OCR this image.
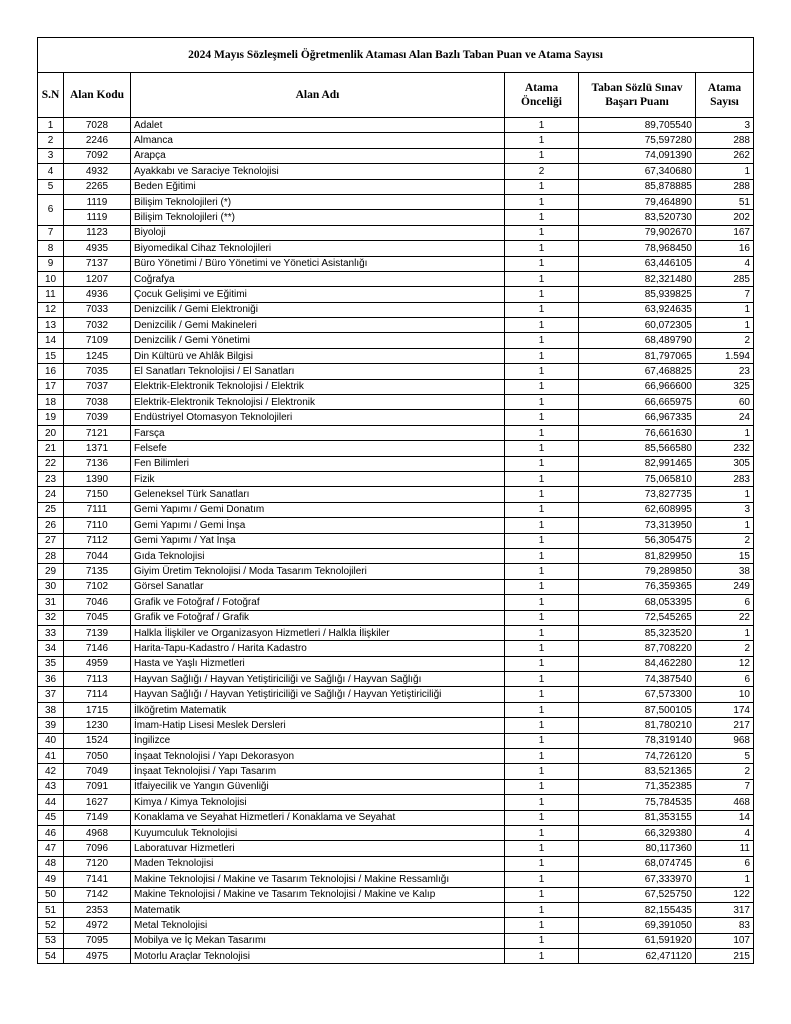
2024 Mayıs Sözleşmeli Öğretmenlik Ataması Alan Bazlı Taban Puan ve Atama Sayısı					
S.N	Alan Kodu	Alan Adı	Atama Önceliği	Taban Sözlü Sınav Başarı Puanı	Atama Sayısı
1	7028	Adalet	1	89,705540	3
2	2246	Almanca	1	75,597280	288
3	7092	Arapça	1	74,091390	262
4	4932	Ayakkabı ve Saraciye Teknolojisi	2	67,340680	1
5	2265	Beden Eğitimi	1	85,878885	288
6	1119	Bilişim Teknolojileri (*)	1	79,464890	51
	1119	Bilişim Teknolojileri (**)	1	83,520730	202
7	1123	Biyoloji	1	79,902670	167
8	4935	Biyomedikal Cihaz Teknolojileri	1	78,968450	16
9	7137	Büro Yönetimi / Büro Yönetimi ve Yönetici Asistanlığı	1	63,446105	4
10	1207	Coğrafya	1	82,321480	285
11	4936	Çocuk Gelişimi ve Eğitimi	1	85,939825	7
12	7033	Denizcilik / Gemi Elektroniği	1	63,924635	1
13	7032	Denizcilik / Gemi Makineleri	1	60,072305	1
14	7109	Denizcilik / Gemi Yönetimi	1	68,489790	2
15	1245	Din Kültürü ve Ahlâk Bilgisi	1	81,797065	1.594
16	7035	El Sanatları Teknolojisi / El Sanatları	1	67,468825	23
17	7037	Elektrik-Elektronik Teknolojisi / Elektrik	1	66,966600	325
18	7038	Elektrik-Elektronik Teknolojisi / Elektronik	1	66,665975	60
19	7039	Endüstriyel Otomasyon Teknolojileri	1	66,967335	24
20	7121	Farsça	1	76,661630	1
21	1371	Felsefe	1	85,566580	232
22	7136	Fen Bilimleri	1	82,991465	305
23	1390	Fizik	1	75,065810	283
24	7150	Geleneksel Türk Sanatları	1	73,827735	1
25	7111	Gemi Yapımı / Gemi Donatım	1	62,608995	3
26	7110	Gemi Yapımı / Gemi İnşa	1	73,313950	1
27	7112	Gemi Yapımı / Yat İnşa	1	56,305475	2
28	7044	Gıda Teknolojisi	1	81,829950	15
29	7135	Giyim Üretim Teknolojisi / Moda Tasarım Teknolojileri	1	79,289850	38
30	7102	Görsel Sanatlar	1	76,359365	249
31	7046	Grafik ve Fotoğraf / Fotoğraf	1	68,053395	6
32	7045	Grafik ve Fotoğraf / Grafik	1	72,545265	22
33	7139	Halkla İlişkiler ve Organizasyon Hizmetleri / Halkla İlişkiler	1	85,323520	1
34	7146	Harita-Tapu-Kadastro / Harita Kadastro	1	87,708220	2
35	4959	Hasta ve Yaşlı Hizmetleri	1	84,462280	12
36	7113	Hayvan Sağlığı / Hayvan Yetiştiriciliği ve Sağlığı / Hayvan Sağlığı	1	74,387540	6
37	7114	Hayvan Sağlığı / Hayvan Yetiştiriciliği ve Sağlığı / Hayvan Yetiştiriciliği	1	67,573300	10
38	1715	İlköğretim Matematik	1	87,500105	174
39	1230	İmam-Hatip Lisesi Meslek Dersleri	1	81,780210	217
40	1524	İngilizce	1	78,319140	968
41	7050	İnşaat Teknolojisi / Yapı Dekorasyon	1	74,726120	5
42	7049	İnşaat Teknolojisi / Yapı Tasarım	1	83,521365	2
43	7091	İtfaiyecilik ve Yangın Güvenliği	1	71,352385	7
44	1627	Kimya / Kimya Teknolojisi	1	75,784535	468
45	7149	Konaklama ve Seyahat Hizmetleri / Konaklama ve Seyahat	1	81,353155	14
46	4968	Kuyumculuk Teknolojisi	1	66,329380	4
47	7096	Laboratuvar Hizmetleri	1	80,117360	11
48	7120	Maden Teknolojisi	1	68,074745	6
49	7141	Makine Teknolojisi / Makine ve Tasarım Teknolojisi / Makine Ressamlığı	1	67,333970	1
50	7142	Makine Teknolojisi / Makine ve Tasarım Teknolojisi / Makine ve Kalıp	1	67,525750	122
51	2353	Matematik	1	82,155435	317
52	4972	Metal Teknolojisi	1	69,391050	83
53	7095	Mobilya ve İç Mekan Tasarımı	1	61,591920	107
54	4975	Motorlu Araçlar Teknolojisi	1	62,471120	215
